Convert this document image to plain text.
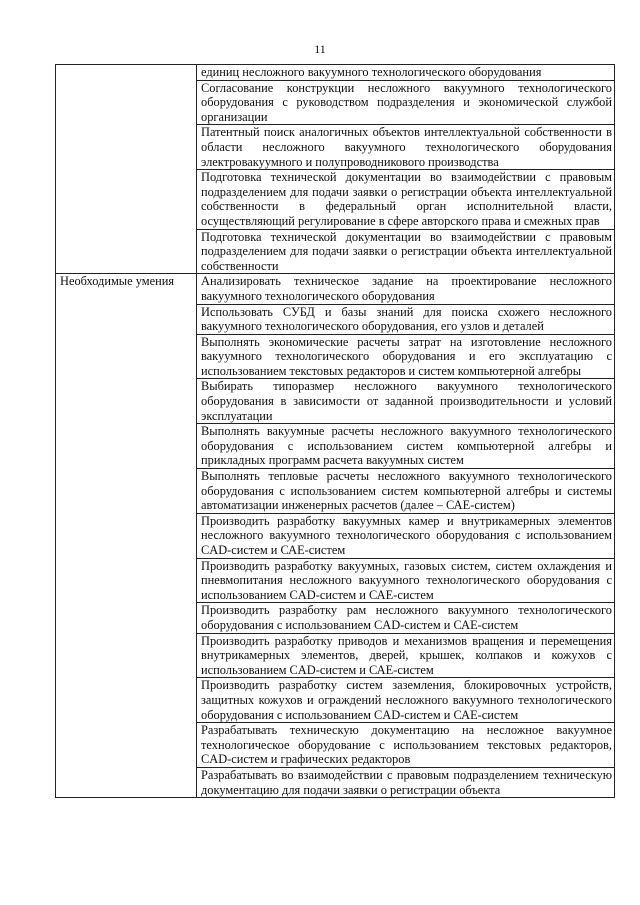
11
	единиц несложного вакуумного технологического оборудования
	Согласование конструкции несложного вакуумного технологического оборудования с руководством подразделения и экономической службой организации
	Патентный поиск аналогичных объектов интеллектуальной собственности в области несложного вакуумного технологического оборудования электровакуумного и полупроводникового производства
	Подготовка технической документации во взаимодействии с правовым подразделением для подачи заявки о регистрации объекта интеллектуальной собственности в федеральный орган исполнительной власти, осуществляющий регулирование в сфере авторского права и смежных прав
	Подготовка технической документации во взаимодействии с правовым подразделением для подачи заявки о регистрации объекта интеллектуальной собственности
Необходимые умения	Анализировать техническое задание на проектирование несложного вакуумного технологического оборудования
	Использовать СУБД и базы знаний для поиска схожего несложного вакуумного технологического оборудования, его узлов и деталей
	Выполнять экономические расчеты затрат на изготовление несложного вакуумного технологического оборудования и его эксплуатацию с использованием текстовых редакторов и систем компьютерной алгебры
	Выбирать типоразмер несложного вакуумного технологического оборудования в зависимости от заданной производительности и условий эксплуатации
	Выполнять вакуумные расчеты несложного вакуумного технологического оборудования с использованием систем компьютерной алгебры и прикладных программ расчета вакуумных систем
	Выполнять тепловые расчеты несложного вакуумного технологического оборудования с использованием систем компьютерной алгебры и системы автоматизации инженерных расчетов (далее – САЕ-систем)
	Производить разработку вакуумных камер и внутрикамерных элементов несложного вакуумного технологического оборудования с использованием CAD-систем и САЕ-систем
	Производить разработку вакуумных, газовых систем, систем охлаждения и пневмопитания несложного вакуумного технологического оборудования с использованием CAD-систем и САЕ-систем
	Производить разработку рам несложного вакуумного технологического оборудования с использованием CAD-систем и САЕ-систем
	Производить разработку приводов и механизмов вращения и перемещения внутрикамерных элементов, дверей, крышек, колпаков и кожухов с использованием CAD-систем и САЕ-систем
	Производить разработку систем заземления, блокировочных устройств, защитных кожухов и ограждений несложного вакуумного технологического оборудования с использованием CAD-систем и САЕ-систем
	Разрабатывать техническую документацию на несложное вакуумное технологическое оборудование с использованием текстовых редакторов, CAD-систем и графических редакторов
	Разрабатывать во взаимодействии с правовым подразделением техническую документацию для подачи заявки о регистрации объекта
